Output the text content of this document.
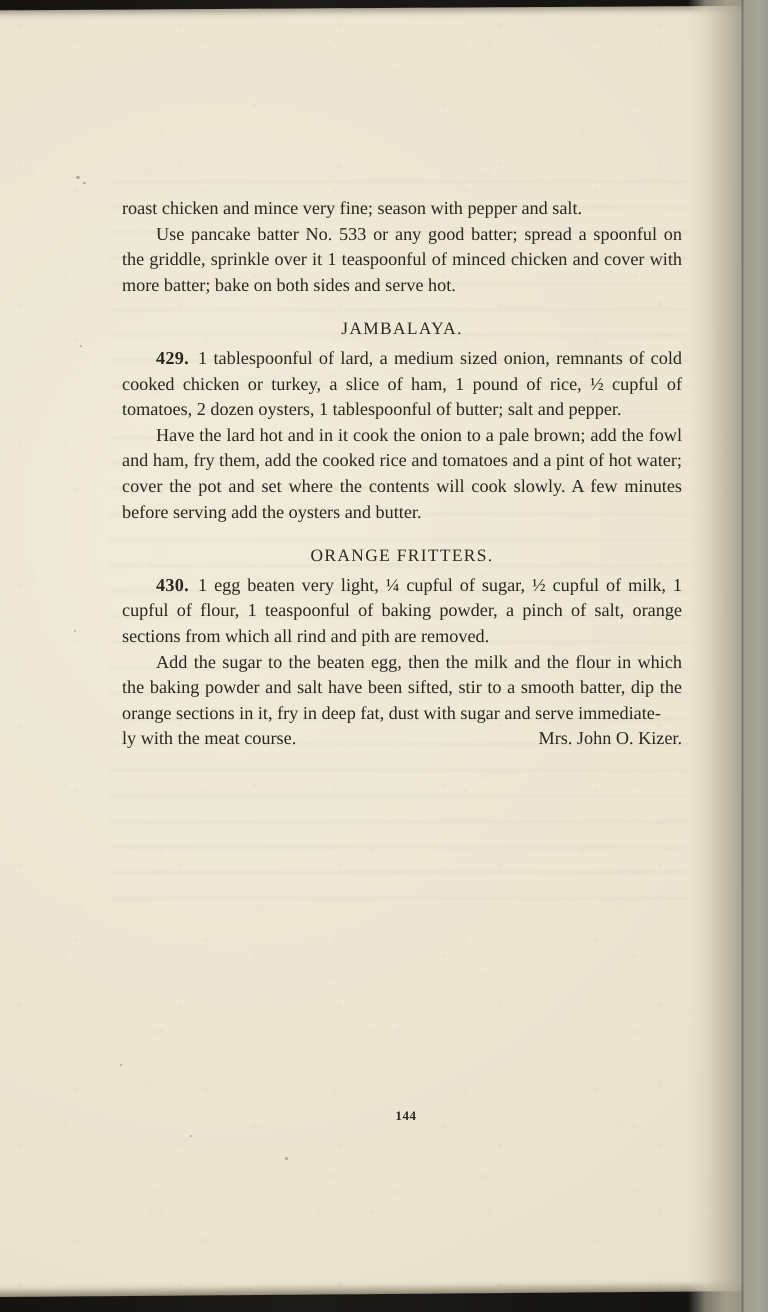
roast chicken and mince very fine; season with pepper and salt.

Use pancake batter No. 533 or any good batter; spread a spoonful on the griddle, sprinkle over it 1 teaspoonful of minced chicken and cover with more batter; bake on both sides and serve hot.

JAMBALAYA.

429. 1 tablespoonful of lard, a medium sized onion, remnants of cold cooked chicken or turkey, a slice of ham, 1 pound of rice, ½ cupful of tomatoes, 2 dozen oysters, 1 tablespoonful of butter; salt and pepper.

Have the lard hot and in it cook the onion to a pale brown; add the fowl and ham, fry them, add the cooked rice and tomatoes and a pint of hot water; cover the pot and set where the contents will cook slowly. A few minutes before serving add the oysters and butter.

ORANGE FRITTERS.

430. 1 egg beaten very light, ¼ cupful of sugar, ½ cupful of milk, 1 cupful of flour, 1 teaspoonful of baking powder, a pinch of salt, orange sections from which all rind and pith are removed.

Add the sugar to the beaten egg, then the milk and the flour in which the baking powder and salt have been sifted, stir to a smooth batter, dip the orange sections in it, fry in deep fat, dust with sugar and serve immediate-

ly with the meat course.	Mrs. John O. Kizer.

144
